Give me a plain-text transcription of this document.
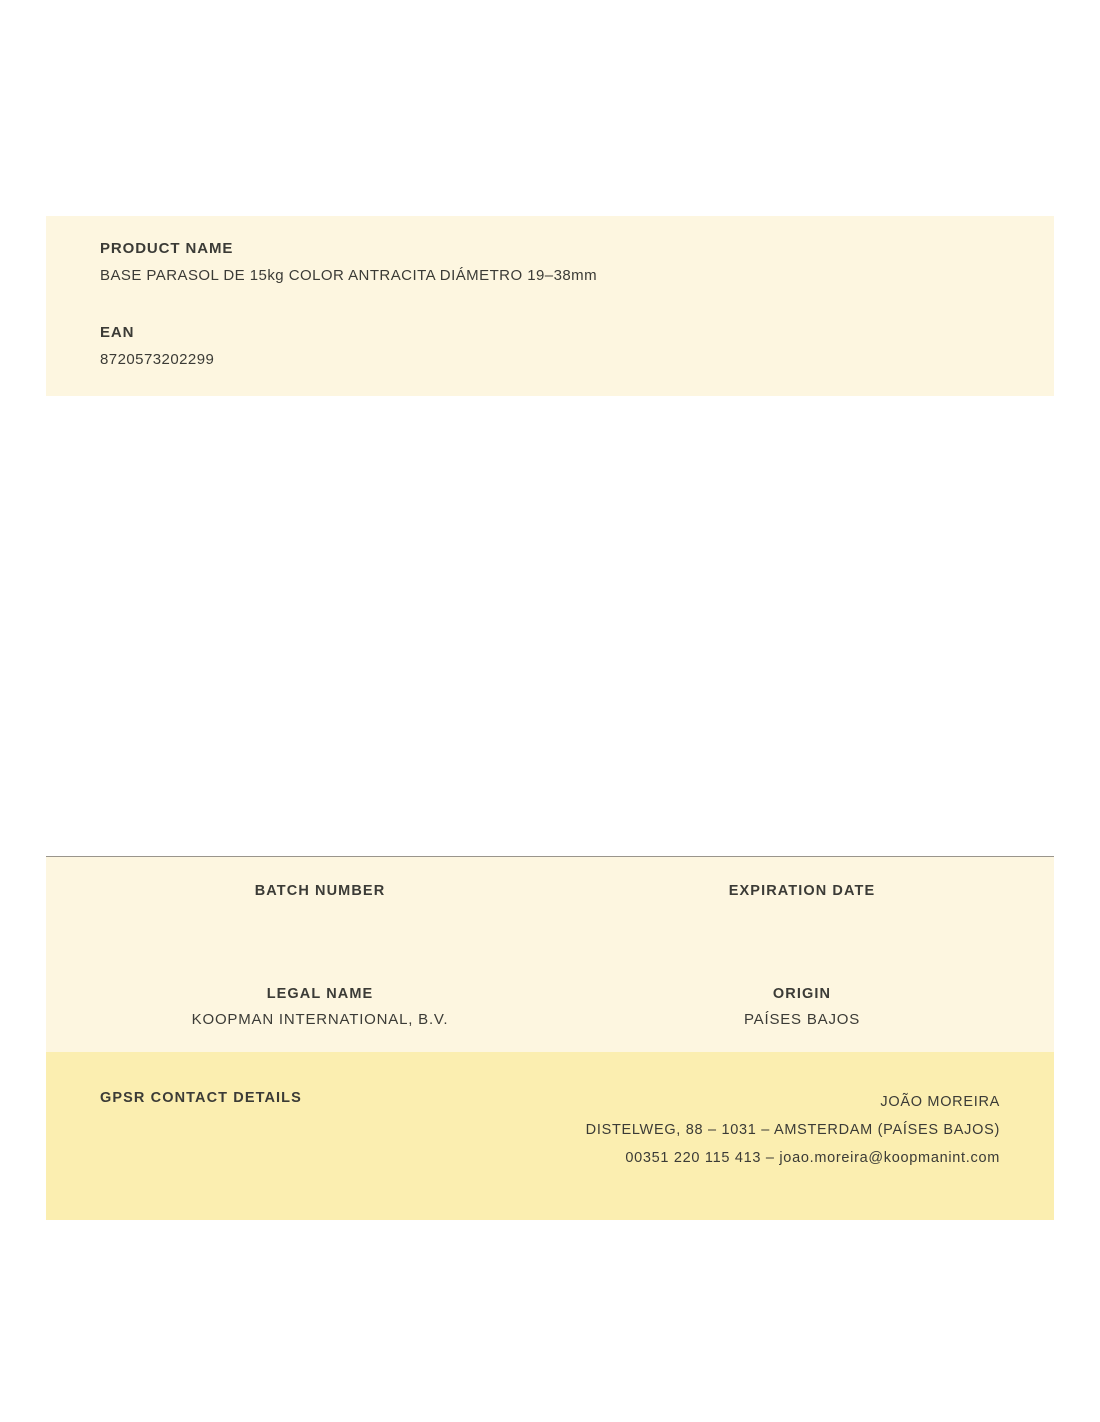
PRODUCT NAME
BASE PARASOL DE 15kg COLOR ANTRACITA DIÁMETRO 19–38mm
EAN
8720573202299
BATCH NUMBER	EXPIRATION DATE
LEGAL NAME
KOOPMAN INTERNATIONAL, B.V.
ORIGIN
PAÍSES BAJOS
GPSR CONTACT DETAILS	JOÃO MOREIRA
DISTELWEG, 88 – 1031 – AMSTERDAM (PAÍSES BAJOS)
00351 220 115 413 – joao.moreira@koopmanint.com
